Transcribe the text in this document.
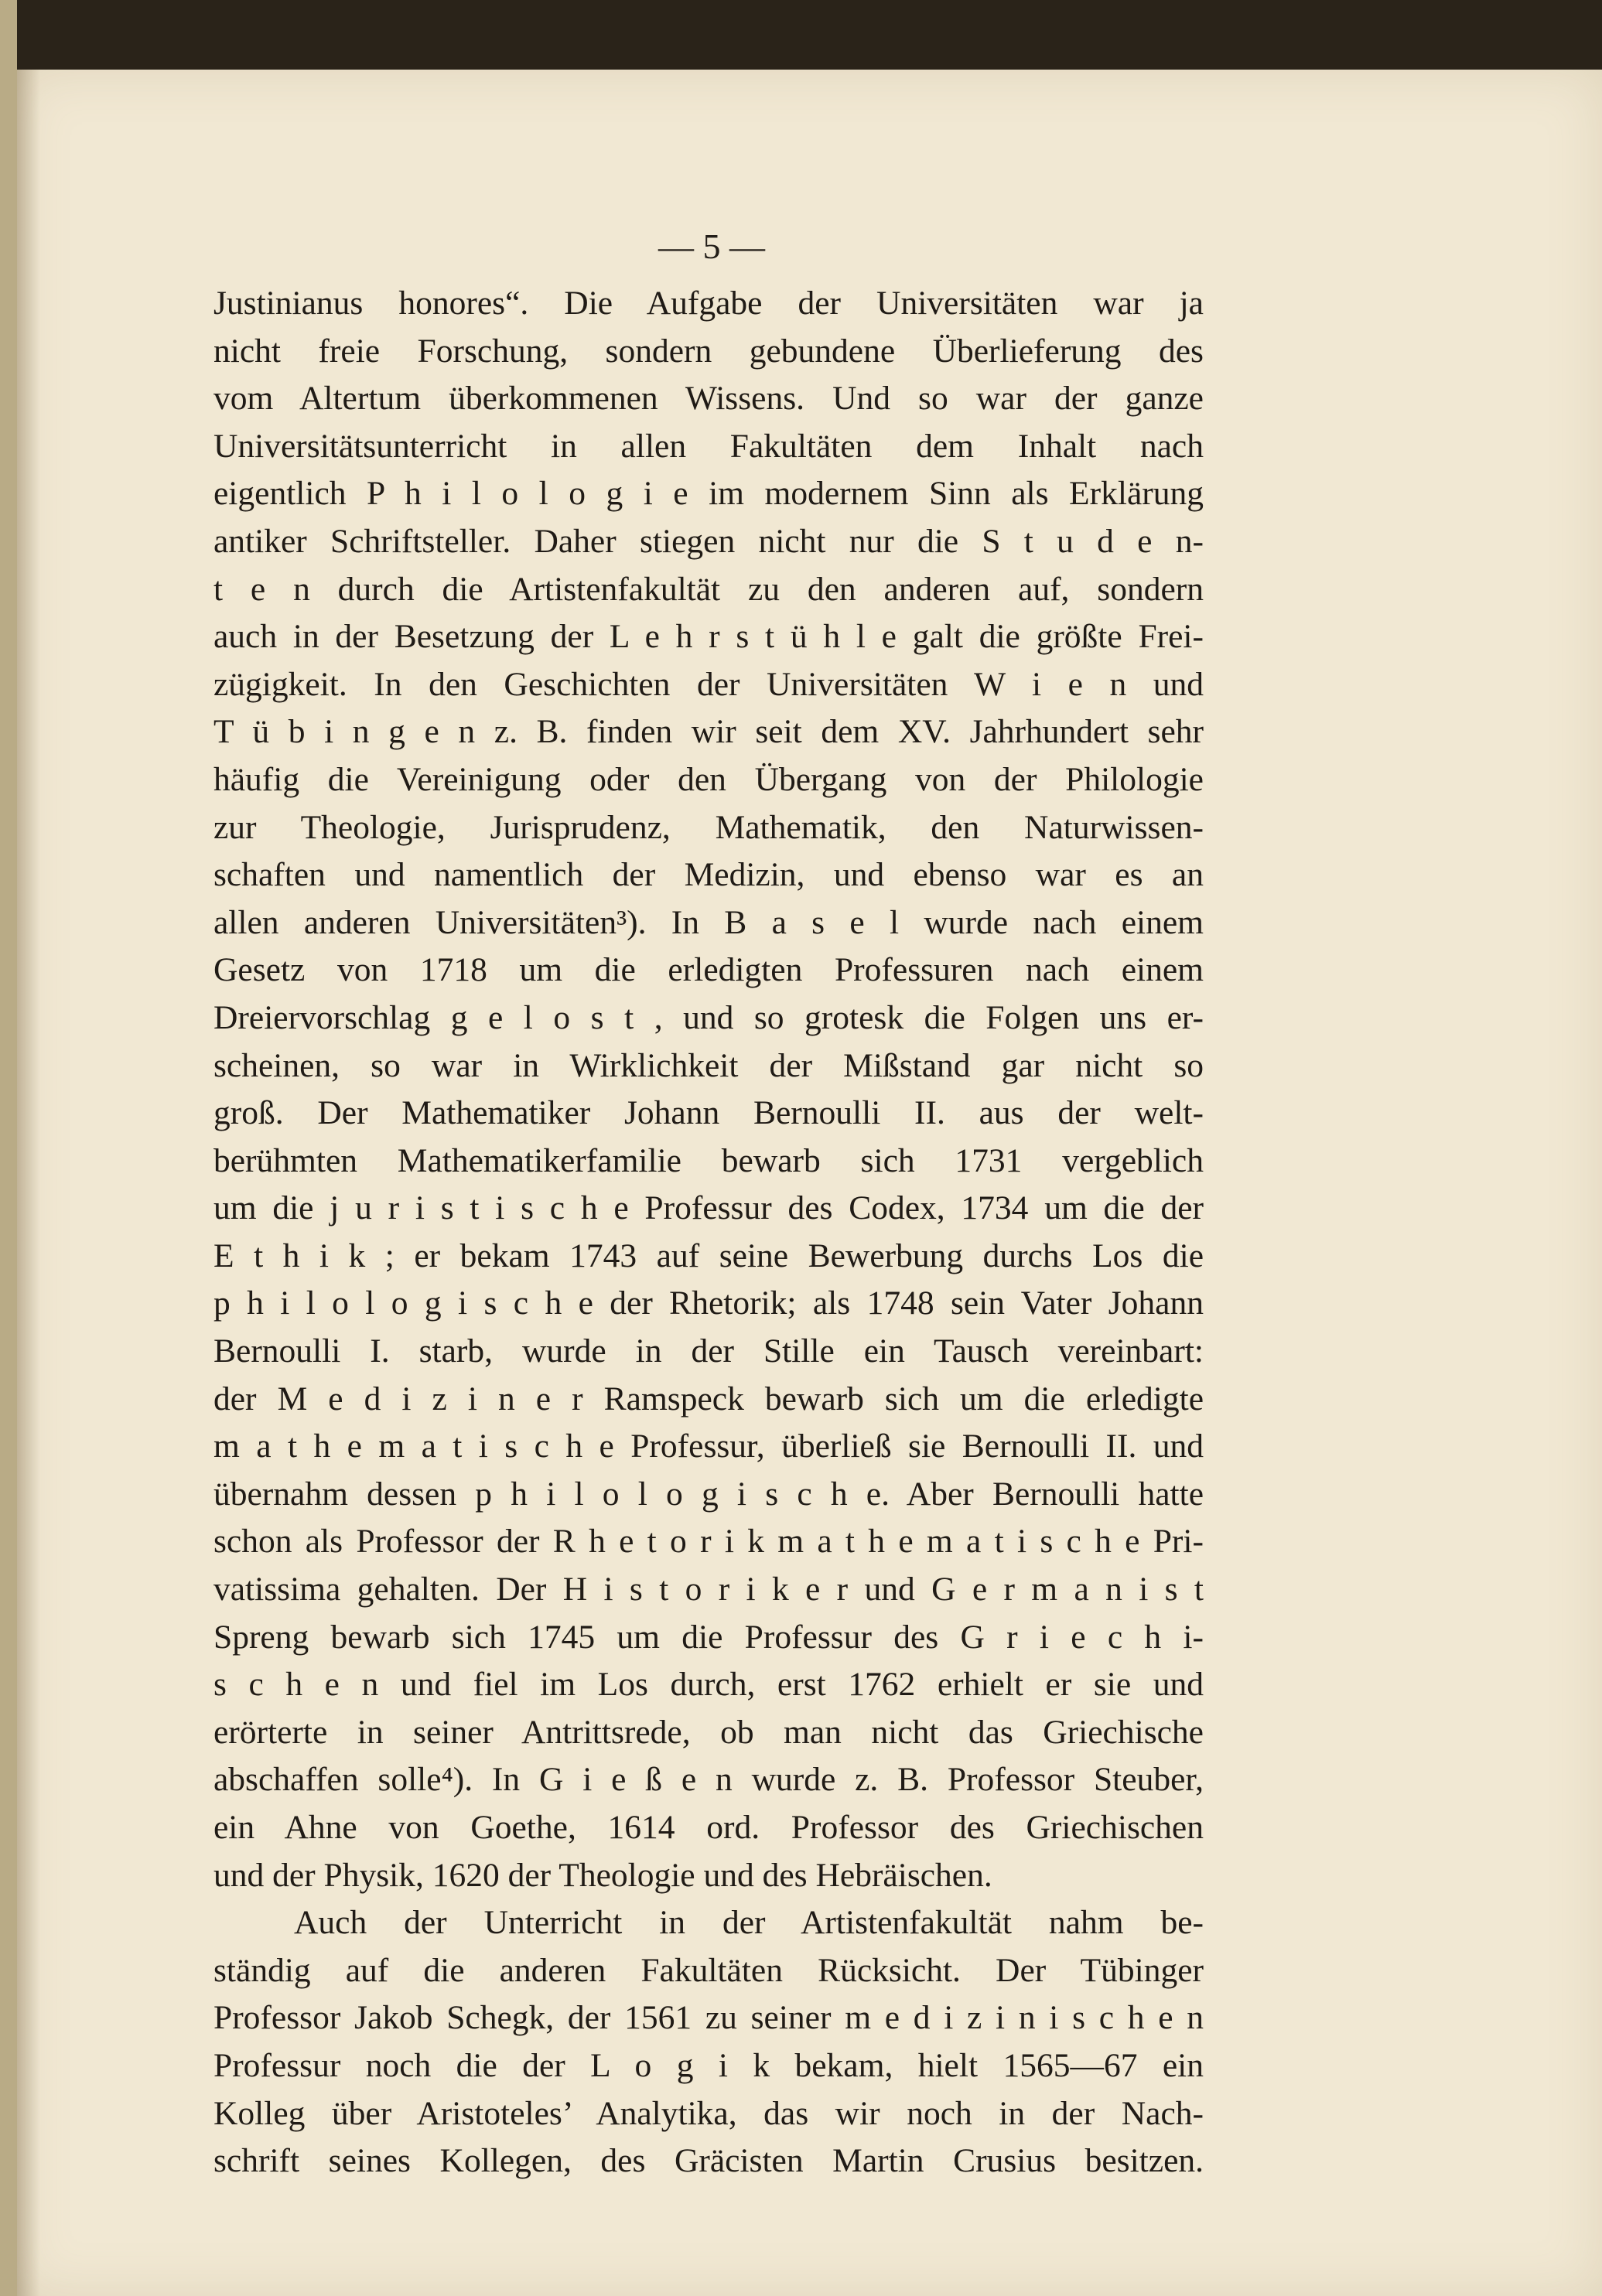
— 5 —
Justinianus honores“. Die Aufgabe der Universitäten war ja
nicht freie Forschung, sondern gebundene Überlieferung des
vom Altertum überkommenen Wissens. Und so war der ganze
Universitätsunterricht in allen Fakultäten dem Inhalt nach
eigentlich P h i l o l o g i e im modernem Sinn als Erklärung
antiker Schriftsteller. Daher stiegen nicht nur die S t u d e n-
t e n durch die Artistenfakultät zu den anderen auf, sondern
auch in der Besetzung der L e h r s t ü h l e galt die größte Frei-
zügigkeit. In den Geschichten der Universitäten W i e n und
T ü b i n g e n z. B. finden wir seit dem XV. Jahrhundert sehr
häufig die Vereinigung oder den Übergang von der Philologie
zur Theologie, Jurisprudenz, Mathematik, den Naturwissen-
schaften und namentlich der Medizin, und ebenso war es an
allen anderen Universitäten³). In B a s e l wurde nach einem
Gesetz von 1718 um die erledigten Professuren nach einem
Dreiervorschlag g e l o s t , und so grotesk die Folgen uns er-
scheinen, so war in Wirklichkeit der Mißstand gar nicht so
groß. Der Mathematiker Johann Bernoulli II. aus der welt-
berühmten Mathematikerfamilie bewarb sich 1731 vergeblich
um die j u r i s t i s c h e Professur des Codex, 1734 um die der
E t h i k ; er bekam 1743 auf seine Bewerbung durchs Los die
p h i l o l o g i s c h e der Rhetorik; als 1748 sein Vater Johann
Bernoulli I. starb, wurde in der Stille ein Tausch vereinbart:
der M e d i z i n e r Ramspeck bewarb sich um die erledigte
m a t h e m a t i s c h e Professur, überließ sie Bernoulli II. und
übernahm dessen p h i l o l o g i s c h e. Aber Bernoulli hatte
schon als Professor der R h e t o r i k m a t h e m a t i s c h e Pri-
vatissima gehalten. Der H i s t o r i k e r und G e r m a n i s t
Spreng bewarb sich 1745 um die Professur des G r i e c h i-
s c h e n und fiel im Los durch, erst 1762 erhielt er sie und
erörterte in seiner Antrittsrede, ob man nicht das Griechische
abschaffen solle⁴). In G i e ß e n wurde z. B. Professor Steuber,
ein Ahne von Goethe, 1614 ord. Professor des Griechischen
und der Physik, 1620 der Theologie und des Hebräischen.
Auch der Unterricht in der Artistenfakultät nahm be-
ständig auf die anderen Fakultäten Rücksicht. Der Tübinger
Professor Jakob Schegk, der 1561 zu seiner m e d i z i n i s c h e n
Professur noch die der L o g i k bekam, hielt 1565—67 ein
Kolleg über Aristoteles’ Analytika, das wir noch in der Nach-
schrift seines Kollegen, des Gräcisten Martin Crusius besitzen.
